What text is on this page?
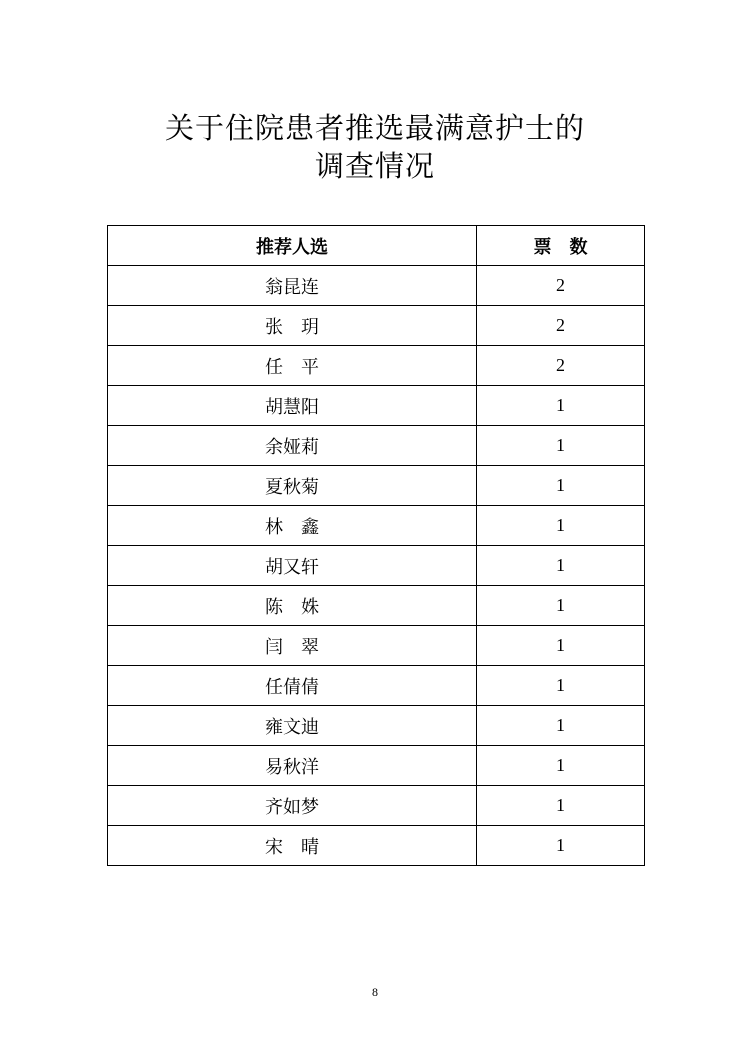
关于住院患者推选最满意护士的
调查情况
推荐人选	票　数
翁昆连	2
张　玥	2
任　平	2
胡慧阳	1
余娅莉	1
夏秋菊	1
林　鑫	1
胡又轩	1
陈　姝	1
闫　翠	1
任倩倩	1
雍文迪	1
易秋洋	1
齐如梦	1
宋　晴	1
8
